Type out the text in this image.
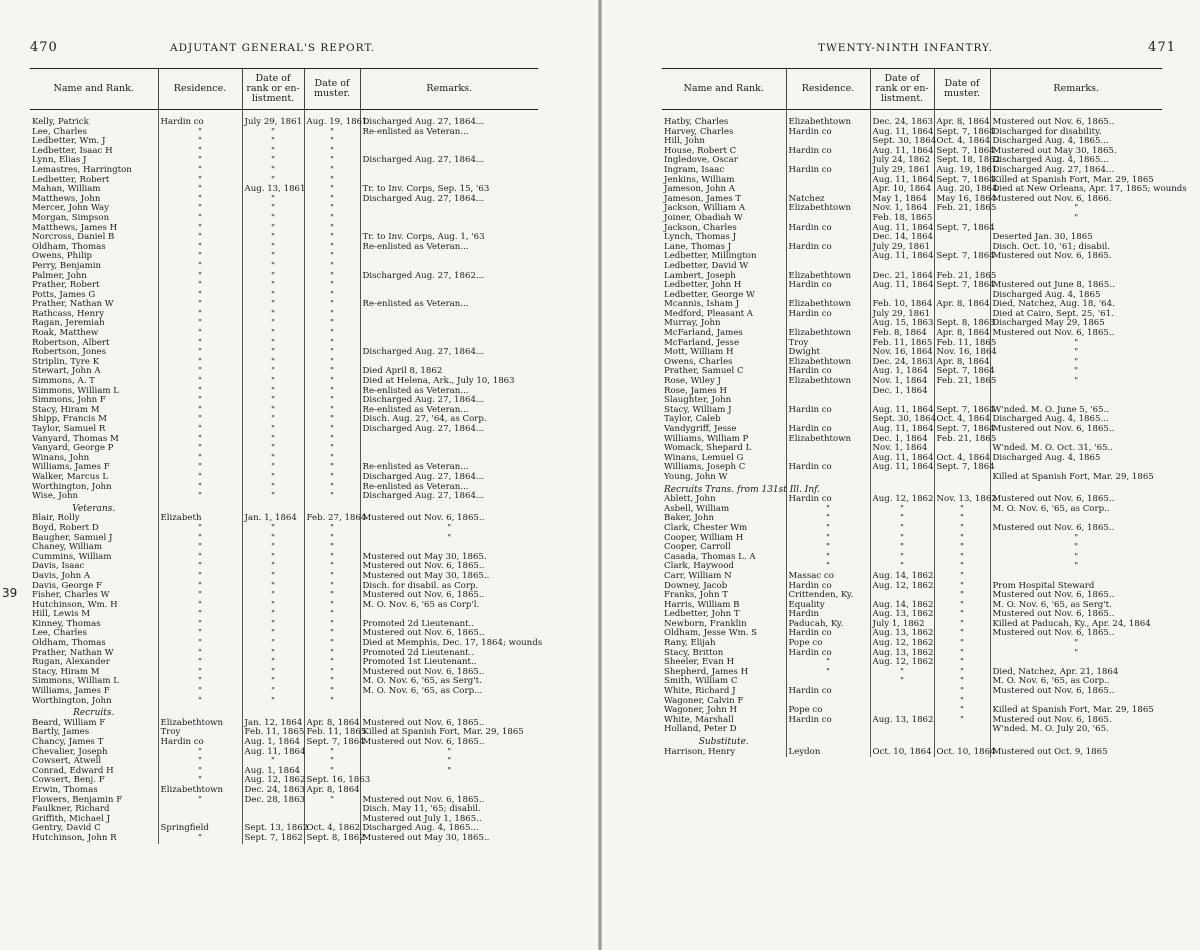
470	ADJUTANT GENERAL'S REPORT.
Name and Rank.	Residence.	Date of rank or en- listment.	Date of muster.	Remarks.

Kelly, Patrick	Hardin co	July 29, 1861	Aug. 19, 1861	Discharged Aug. 27, 1864...
Lee, Charles	"	"	"	Re-enlisted as Veteran...
Ledbetter, Wm. J	"	"	"	
Ledbetter, Isaac H	"	"	"	
Lynn, Elias J	"	"	"	Discharged Aug. 27, 1864...
Lemastres, Harrington	"	"	"	
Ledbetter, Robert	"	"	"	
Mahan, William	"	Aug. 13, 1861	"	Tr. to Inv. Corps, Sep. 15, '63
Matthews, John	"	"	"	Discharged Aug. 27, 1864...
Mercer, John Way	"	"	"	
Morgan, Simpson	"	"	"	
Matthews, James H	"	"	"	
Norcross, Daniel B	"	"	"	Tr. to Inv. Corps, Aug. 1, '63
Oldham, Thomas	"	"	"	Re-enlisted as Veteran...
Owens, Philip	"	"	"	
Perry, Benjamin	"	"	"	
Palmer, John	"	"	"	Discharged Aug. 27, 1862...
Prather, Robert	"	"	"	
Potts, James G	"	"	"	
Prather, Nathan W	"	"	"	Re-enlisted as Veteran...
Rathcass, Henry	"	"	"	
Ragan, Jeremiah	"	"	"	
Roak, Matthew	"	"	"	
Robertson, Albert	"	"	"	
Robertson, Jones	"	"	"	Discharged Aug. 27, 1864...
Striplin, Tyre K	"	"	"	
Stewart, John A	"	"	"	Died April 8, 1862
Simmons, A. T	"	"	"	Died at Helena, Ark., July 10, 1863
Simmons, William L	"	"	"	Re-enlisted as Veteran...
Simmons, John F	"	"	"	Discharged Aug. 27, 1864...
Stacy, Hiram M	"	"	"	Re-enlisted as Veteran...
Shipp, Francis M	"	"	"	Disch. Aug. 27, '64, as Corp.
Taylor, Samuel R	"	"	"	Discharged Aug. 27, 1864...
Vanyard, Thomas M	"	"	"	
Vanyard, George P	"	"	"	
Winans, John	"	"	"	
Williams, James F	"	"	"	Re-enlisted as Veteran...
Walker, Marcus L	"	"	"	Discharged Aug. 27, 1864...
Worthington, John	"	"	"	Re-enlisted as Veteran...
Wise, John	"	"	"	Discharged Aug. 27, 1864...
Veterans.				
Blair, Rolly	Elizabeth	Jan. 1, 1864	Feb. 27, 1864	Mustered out Nov. 6, 1865..
Boyd, Robert D	"	"	"	"
Baugher, Samuel J	"	"	"	"
Chaney, William	"	"	"	
Cummins, William	"	"	"	Mustered out May 30, 1865.
Davis, Isaac	"	"	"	Mustered out Nov. 6, 1865..
Davis, John A	"	"	"	Mustered out May 30, 1865..
Davis, George F	"	"	"	Disch. for disabil. as Corp.
Fisher, Charles W	"	"	"	Mustered out Nov. 6, 1865..
Hutchinson, Wm. H	"	"	"	M. O. Nov. 6, '65 as Corp'l.
Hill, Lewis M	"	"	"	
Kinney, Thomas	"	"	"	Promoted 2d Lieutenant..
Lee, Charles	"	"	"	Mustered out Nov. 6, 1865..
Oldham, Thomas	"	"	"	Died at Memphis, Dec. 17, 1864; wounds
Prather, Nathan W	"	"	"	Promoted 2d Lieutenant..
Rugan, Alexander	"	"	"	Promoted 1st Lieutenant..
Stacy, Hiram M	"	"	"	Mustered out Nov. 6, 1865..
Simmons, William L	"	"	"	M. O. Nov. 6, '65, as Serg't.
Williams, James F	"	"	"	M. O. Nov. 6, '65, as Corp...
Worthington, John	"	"	"	
Recruits.				
Beard, William F	Elizabethtown	Jan. 12, 1864	Apr. 8, 1864	Mustered out Nov. 6, 1865..
Bartly, James	Troy	Feb. 11, 1865	Feb. 11, 1865	Killed at Spanish Fort, Mar. 29, 1865
Chancy, James T	Hardin co	Aug. 1, 1864	Sept. 7, 1864	Mustered out Nov. 6, 1865..
Chevalier, Joseph	"	Aug. 11, 1864	"	"
Cowsert, Atwell	"	"	"	"
Conrad, Edward H	"	Aug. 1, 1864	"	"
Cowsert, Benj. F	"	Aug. 12, 1862	Sept. 16, 1863	
Erwin, Thomas	Elizabethtown	Dec. 24, 1863	Apr. 8, 1864	
Flowers, Benjamin F	"	Dec. 28, 1863	"	Mustered out Nov. 6, 1865..
Faulkner, Richard				Disch. May 11, '65; disabil.
Griffith, Michael J				Mustered out July 1, 1865..
Gentry, David C	Springfield	Sept. 13, 1862	Oct. 4, 1862	Discharged Aug. 4, 1865...
Hutchinson, John R	"	Sept. 7, 1862	Sept. 8, 1862	Mustered out May 30, 1865..
39
TWENTY-NINTH INFANTRY.	471
Name and Rank.	Residence.	Date of rank or en- listment.	Date of muster.	Remarks.

Hatby, Charles	Elizabethtown	Dec. 24, 1863	Apr. 8, 1864	Mustered out Nov. 6, 1865..
Harvey, Charles	Hardin co	Aug. 11, 1864	Sept. 7, 1864	Discharged for disability.
Hill, John		Sept. 30, 1864	Oct. 4, 1864	Discharged Aug. 4, 1865...
House, Robert C	Hardin co	Aug. 11, 1864	Sept. 7, 1864	Mustered out May 30, 1865.
Ingledove, Oscar		July 24, 1862	Sept. 18, 1862	Discharged Aug. 4, 1865...
Ingram, Isaac	Hardin co	July 29, 1861	Aug. 19, 1861	Discharged Aug. 27, 1864...
Jenkins, William		Aug. 11, 1864	Sept. 7, 1864	Killed at Spanish Fort, Mar. 29, 1865
Jameson, John A		Apr. 10, 1864	Aug. 20, 1864	Died at New Orleans, Apr. 17, 1865; wounds
Jameson, James T	Natchez	May 1, 1864	May 16, 1864	Mustered out Nov. 6, 1866.
Jackson, William A	Elizabethtown	Nov. 1, 1864	Feb. 21, 1865	"
Joiner, Obadiah W		Feb. 18, 1865		"
Jackson, Charles	Hardin co	Aug. 11, 1864	Sept. 7, 1864	
Lynch, Thomas J		Dec. 14, 1864		Deserted Jan. 30, 1865
Lane, Thomas J	Hardin co	July 29, 1861		Disch. Oct. 10, '61; disabil.
Ledbetter, Millington		Aug. 11, 1864	Sept. 7, 1864	Mustered out Nov. 6, 1865.
Ledbetter, David W				
Lambert, Joseph	Elizabethtown	Dec. 21, 1864	Feb. 21, 1865	
Ledbetter, John H	Hardin co	Aug. 11, 1864	Sept. 7, 1864	Mustered out June 8, 1865..
Ledbetter, George W				Discharged Aug. 4, 1865
Mcannis, Isham J	Elizabethtown	Feb. 10, 1864	Apr. 8, 1864	Died, Natchez, Aug. 18, '64.
Medford, Pleasant A	Hardin co	July 29, 1861		Died at Cairo, Sept. 25, '61.
Murray, John		Aug. 15, 1863	Sept. 8, 1863	Discharged May 29, 1865
McFarland, James	Elizabethtown	Feb. 8, 1864	Apr. 8, 1864	Mustered out Nov. 6, 1865..
McFarland, Jesse	Troy	Feb. 11, 1865	Feb. 11, 1865	"
Mott, William H	Dwight	Nov. 16, 1864	Nov. 16, 1864	"
Owens, Charles	Elizabethtown	Dec. 24, 1863	Apr. 8, 1864	"
Prather, Samuel C	Hardin co	Aug. 1, 1864	Sept. 7, 1864	"
Rose, Wiley J	Elizabethtown	Nov. 1, 1864	Feb. 21, 1865	"
Rose, James H		Dec. 1, 1864		
Slaughter, John				
Stacy, William J	Hardin co	Aug. 11, 1864	Sept. 7, 1864	W'nded. M. O. June 5, '65..
Taylor, Caleb		Sept. 30, 1864	Oct. 4, 1864	Discharged Aug. 4, 1865...
Vandygriff, Jesse	Hardin co	Aug. 11, 1864	Sept. 7, 1864	Mustered out Nov. 6, 1865..
Williams, William P	Elizabethtown	Dec. 1, 1864	Feb. 21, 1865	
Womack, Shepard L		Nov. 1, 1864		W'nded. M. O. Oct. 31, '65..
Winans, Lemuel G		Aug. 11, 1864	Oct. 4, 1864	Discharged Aug. 4, 1865
Williams, Joseph C	Hardin co	Aug. 11, 1864	Sept. 7, 1864	
Young, John W				Killed at Spanish Fort, Mar. 29, 1865
Recruits Trans. from 131st Ill. Inf.				
Ablett, John	Hardin co	Aug. 12, 1862	Nov. 13, 1862	Mustered out Nov. 6, 1865..
Asbell, William	"	"	"	M. O. Nov. 6, '65, as Corp..
Baker, John	"	"	"	
Clark, Chester Wm	"	"	"	Mustered out Nov. 6, 1865..
Cooper, William H	"	"	"	"
Cooper, Carroll	"	"	"	"
Casada, Thomas L. A	"	"	"	"
Clark, Haywood	"	"	"	"
Carr, William N	Massac co	Aug. 14, 1862	"	
Downey, Jacob	Hardin co	Aug. 12, 1862	"	Prom Hospital Steward
Franks, John T	Crittenden, Ky.		"	Mustered out Nov. 6, 1865..
Harris, William B	Equality	Aug. 14, 1862	"	M. O. Nov. 6, '65, as Serg't.
Ledbetter, John T	Hardin	Aug. 13, 1862	"	Mustered out Nov. 6, 1865..
Newborn, Franklin	Paducah, Ky.	July 1, 1862	"	Killed at Paducah, Ky., Apr. 24, 1864
Oldham, Jesse Wm. S	Hardin co	Aug. 13, 1862	"	Mustered out Nov. 6, 1865..
Rany, Elijah	Pope co	Aug. 12, 1862	"	"
Stacy, Britton	Hardin co	Aug. 13, 1862	"	"
Sheeler, Evan H	"	Aug. 12, 1862	"	
Shepherd, James H	"	"	"	Died, Natchez, Apr. 21, 1864
Smith, William C		"	"	M. O. Nov. 6, '65, as Corp..
White, Richard J	Hardin co		"	Mustered out Nov. 6, 1865..
Wagoner, Calvin F			"	
Wagoner, John H	Pope co		"	Killed at Spanish Fort, Mar. 29, 1865
White, Marshall	Hardin co	Aug. 13, 1862	"	Mustered out Nov. 6, 1865.
Holland, Peter D				W'nded. M. O. July 20, '65.
Substitute.				
Harrison, Henry	Leydon	Oct. 10, 1864	Oct. 10, 1864	Mustered out Oct. 9, 1865
